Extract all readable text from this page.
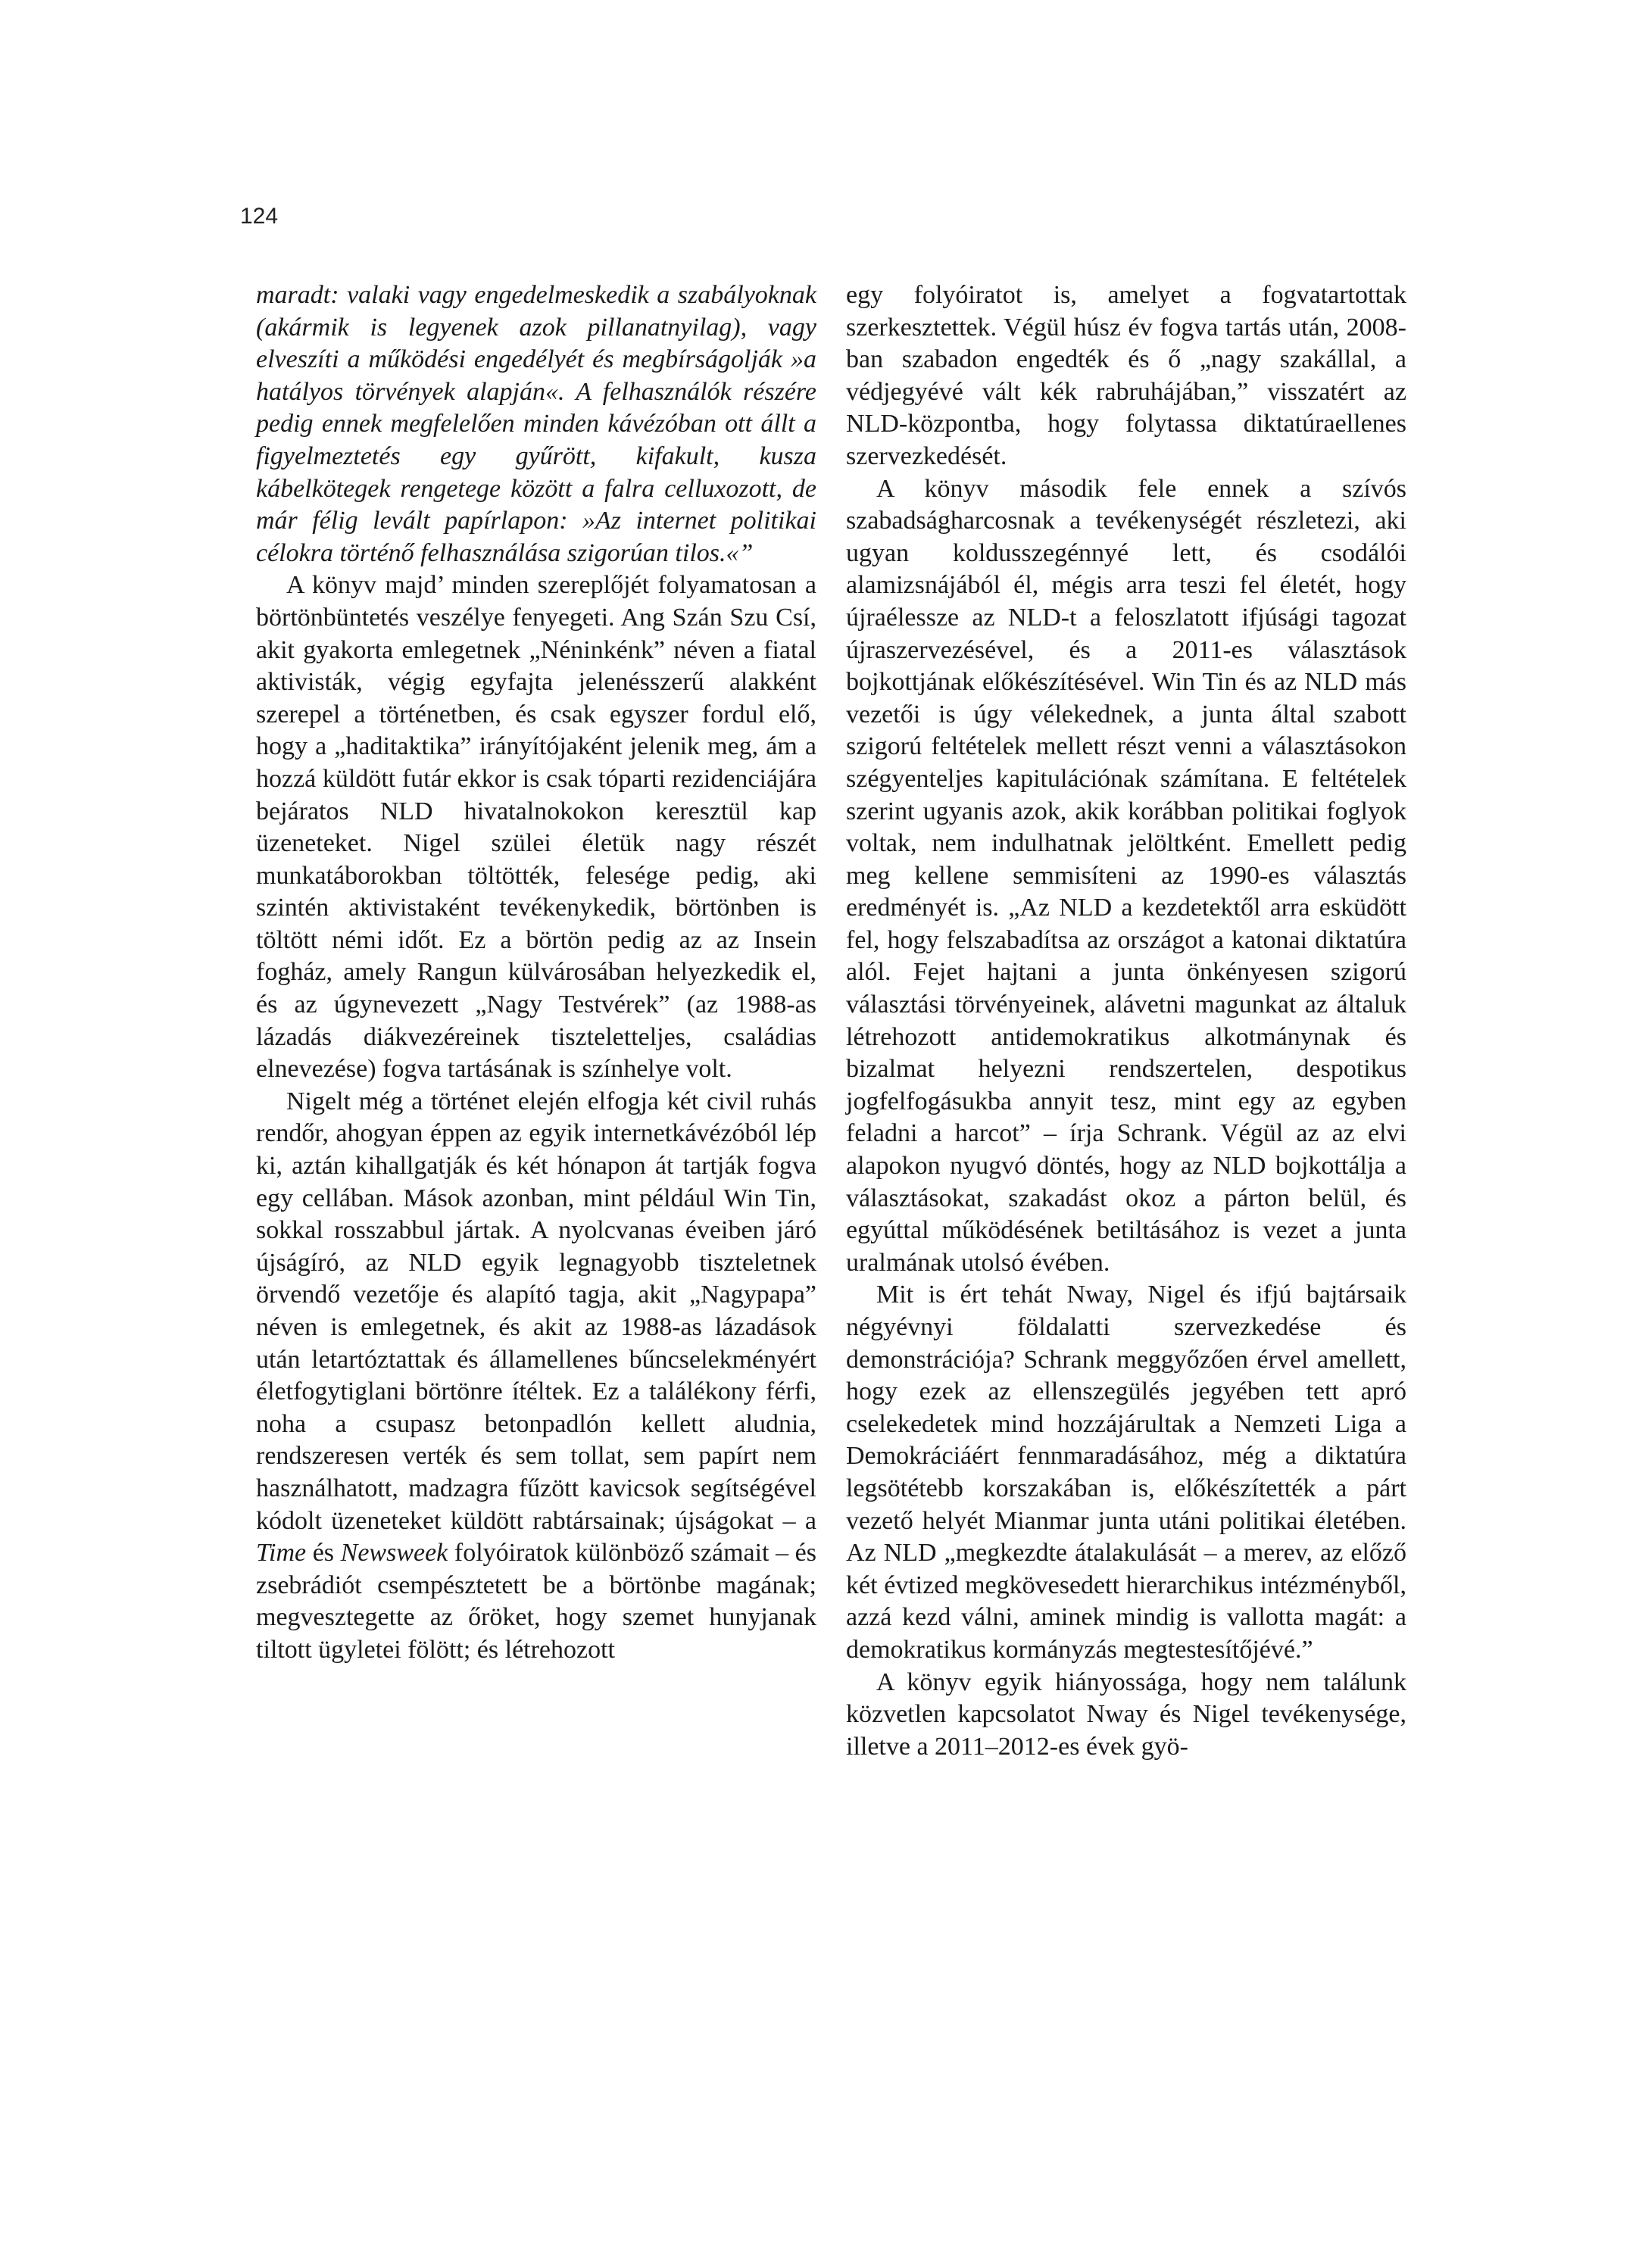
124

maradt: valaki vagy engedelmeskedik a szabályoknak (akármik is legyenek azok pillanatnyilag), vagy elveszíti a működési engedélyét és megbírságolják »a hatályos törvények alapján«. A felhasználók részére pedig ennek megfelelően minden kávézóban ott állt a figyelmeztetés egy gyűrött, kifakult, kusza kábelkötegek rengetege között a falra celluxozott, de már félig levált papírlapon: »Az internet politikai célokra történő felhasználása szigorúan tilos.«”

A könyv majd’ minden szereplőjét folyamatosan a börtönbüntetés veszélye fenyegeti. Ang Szán Szu Csí, akit gyakorta emlegetnek „Néninkénk” néven a fiatal aktivisták, végig egyfajta jelenésszerű alakként szerepel a történetben, és csak egyszer fordul elő, hogy a „haditaktika” irányítójaként jelenik meg, ám a hozzá küldött futár ekkor is csak tóparti rezidenciájára bejáratos NLD hivatalnokokon keresztül kap üzeneteket. Nigel szülei életük nagy részét munkatáborokban töltötték, felesége pedig, aki szintén aktivistaként tevékenykedik, börtönben is töltött némi időt. Ez a börtön pedig az az Insein fogház, amely Rangun külvárosában helyezkedik el, és az úgynevezett „Nagy Testvérek” (az 1988-as lázadás diákvezéreinek tiszteletteljes, családias elnevezése) fogva tartásának is színhelye volt.

Nigelt még a történet elején elfogja két civil ruhás rendőr, ahogyan éppen az egyik internetkávézóból lép ki, aztán kihallgatják és két hónapon át tartják fogva egy cellában. Mások azonban, mint például Win Tin, sokkal rosszabbul jártak. A nyolcvanas éveiben járó újságíró, az NLD egyik legnagyobb tiszteletnek örvendő vezetője és alapító tagja, akit „Nagypapa” néven is emlegetnek, és akit az 1988-as lázadások után letartóztattak és államellenes bűncselekményért életfogytiglani börtönre ítéltek. Ez a találékony férfi, noha a csupasz betonpadlón kellett aludnia, rendszeresen verték és sem tollat, sem papírt nem használhatott, madzagra fűzött kavicsok segítségével kódolt üzeneteket küldött rabtársainak; újságokat – a Time és Newsweek folyóiratok különböző számait – és zsebrádiót csempésztetett be a börtönbe magának; megvesztegette az őröket, hogy szemet hunyjanak tiltott ügyletei fölött; és létrehozott

egy folyóiratot is, amelyet a fogvatartottak szerkesztettek. Végül húsz év fogva tartás után, 2008-ban szabadon engedték és ő „nagy szakállal, a védjegyévé vált kék rabruhájában,” visszatért az NLD-központba, hogy folytassa diktatúraellenes szervezkedését.

A könyv második fele ennek a szívós szabadságharcosnak a tevékenységét részletezi, aki ugyan koldusszegénnyé lett, és csodálói alamizsnájából él, mégis arra teszi fel életét, hogy újraélessze az NLD-t a feloszlatott ifjúsági tagozat újraszervezésével, és a 2011-es választások bojkottjának előkészítésével. Win Tin és az NLD más vezetői is úgy vélekednek, a junta által szabott szigorú feltételek mellett részt venni a választásokon szégyenteljes kapitulációnak számítana. E feltételek szerint ugyanis azok, akik korábban politikai foglyok voltak, nem indulhatnak jelöltként. Emellett pedig meg kellene semmisíteni az 1990-es választás eredményét is. „Az NLD a kezdetektől arra esküdött fel, hogy felszabadítsa az országot a katonai diktatúra alól. Fejet hajtani a junta önkényesen szigorú választási törvényeinek, alávetni magunkat az általuk létrehozott antidemokratikus alkotmánynak és bizalmat helyezni rendszertelen, despotikus jogfelfogásukba annyit tesz, mint egy az egyben feladni a harcot” – írja Schrank. Végül az az elvi alapokon nyugvó döntés, hogy az NLD bojkottálja a választásokat, szakadást okoz a párton belül, és egyúttal működésének betiltásához is vezet a junta uralmának utolsó évében.

Mit is ért tehát Nway, Nigel és ifjú bajtársaik négyévnyi földalatti szervezkedése és demonstrációja? Schrank meggyőzően érvel amellett, hogy ezek az ellenszegülés jegyében tett apró cselekedetek mind hozzájárultak a Nemzeti Liga a Demokráciáért fennmaradásához, még a diktatúra legsötétebb korszakában is, előkészítették a párt vezető helyét Mianmar junta utáni politikai életében. Az NLD „megkezdte átalakulását – a merev, az előző két évtized megkövesedett hierarchikus intézményből, azzá kezd válni, aminek mindig is vallotta magát: a demokratikus kormányzás megtestesítőjévé.”

A könyv egyik hiányossága, hogy nem találunk közvetlen kapcsolatot Nway és Nigel tevékenysége, illetve a 2011–2012-es évek gyö-
